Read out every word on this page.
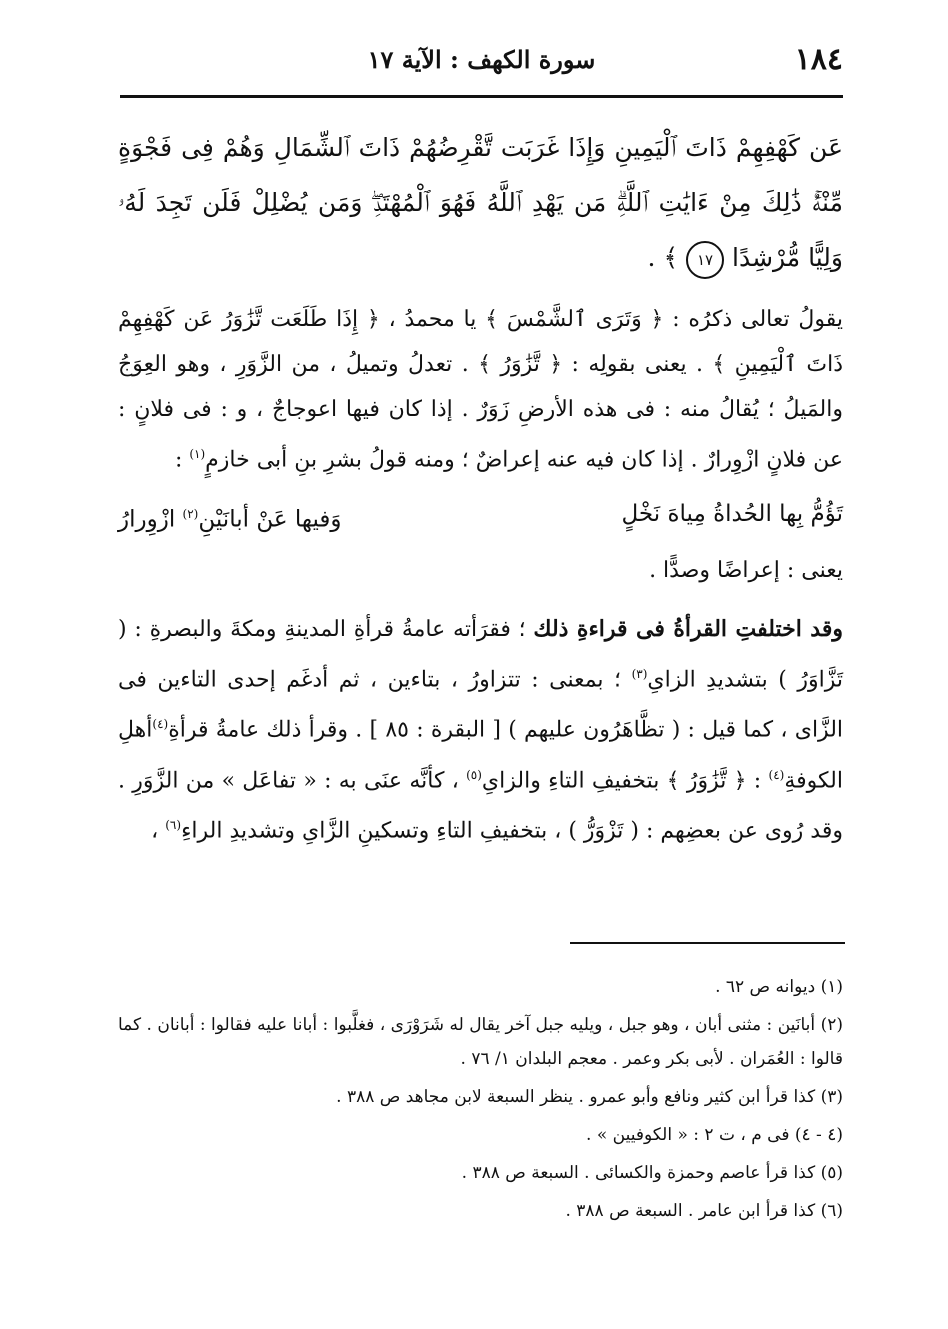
١٨٤
سورة الكهف : الآية ١٧

عَن كَهْفِهِمْ ذَاتَ ٱلْيَمِينِ وَإِذَا غَرَبَت تَّقْرِضُهُمْ ذَاتَ ٱلشِّمَالِ وَهُمْ فِى فَجْوَةٍ مِّنْهُۚ ذَٰلِكَ مِنْ ءَايَٰتِ ٱللَّهِۗ مَن يَهْدِ ٱللَّهُ فَهُوَ ٱلْمُهْتَدِۖ وَمَن يُضْلِلْ فَلَن تَجِدَ لَهُۥ وَلِيًّا مُّرْشِدًا ١٧ ﴾ .

يقولُ تعالى ذكرُه : ﴿ وَتَرَى ٱلشَّمْسَ ﴾ يا محمدُ ، ﴿ إِذَا طَلَعَت تَّزَٰوَرُ عَن كَهْفِهِمْ ذَاتَ ٱلْيَمِينِ ﴾ . يعنى بقولِه : ﴿ تَّزَٰوَرُ ﴾ . تعدلُ وتميلُ ، من الزَّوَرِ ، وهو العِوَجُ والمَيلُ ؛ يُقالُ منه : فى هذه الأرضِ زَوَرٌ . إذا كان فيها اعوجاجٌ ، و : فى فلانٍ : عن فلانٍ ازْوِرارٌ . إذا كان فيه عنه إعراضٌ ؛ ومنه قولُ بشرِ بنِ أبى خازمٍ$^{(١)}$ :

تَؤُمُّ بِها الحُداةُ مِياهَ نَخْلٍ
وَفيها عَنْ أبانَيْنِ$^{(٢)}$ ازْوِرارُ

يعنى : إعراضًا وصدًّا .

وقد اختلفتِ القرأةُ فى قراءةِ ذلك ؛ فقرَأته عامةُ قرأةِ المدينةِ ومكةَ والبصرةِ : ( تَزَّاوَرُ ) بتشديدِ الزاىِ$^{(٣)}$ ؛ بمعنى : تتزاورُ ، بتاءين ، ثم أدغَم إحدى التاءين فى الزَّاى ، كما قيل : ( تظَّاهَرُون عليهم ) [ البقرة : ٨٥ ] . وقرأ ذلك عامةُ قرأةِ$^{(٤)}$أهلِ الكوفةِ$^{(٤)}$ : ﴿ تَّزَٰوَرُ ﴾ بتخفيفِ التاءِ والزاىِ$^{(٥)}$ ، كأنَّه عنَى به : « تفاعَل » من الزَّوَرِ . وقد رُوى عن بعضِهم : ( تَزْوَرُّ ) ، بتخفيفِ التاءِ وتسكينِ الزَّاىِ وتشديدِ الراءِ$^{(٦)}$ ،

(١) ديوانه ص ٦٢ .

(٢) أبانَين : مثنى أبان ، وهو جبل ، ويليه جبل آخر يقال له شَرَوْرَى ، فغلَّبوا : أبانا عليه فقالوا : أبانان . كما قالوا : العُمَران . لأبى بكر وعمر . معجم البلدان ١/ ٧٦ .

(٣) كذا قرأ ابن كثير ونافع وأبو عمرو . ينظر السبعة لابن مجاهد ص ٣٨٨ .

(٤ - ٤) فى م ، ت ٢ : « الكوفيين » .

(٥) كذا قرأ عاصم وحمزة والكسائى . السبعة ص ٣٨٨ .

(٦) كذا قرأ ابن عامر . السبعة ص ٣٨٨ .
